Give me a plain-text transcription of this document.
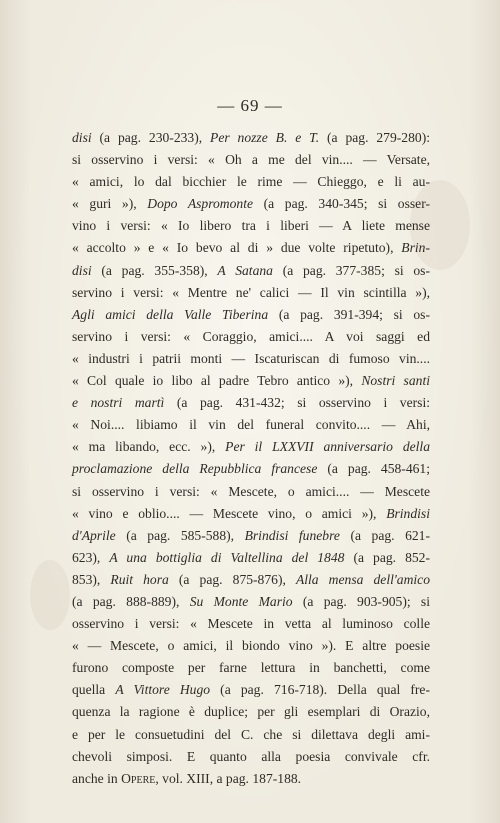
— 69 —
disi (a pag. 230-233), Per nozze B. e T. (a pag. 279-280):
si osservino i versi: « Oh a me del vin.... — Versate,
« amici, lo dal bicchier le rime — Chieggo, e li au-
« guri »), Dopo Aspromonte (a pag. 340-345; si osser-
vino i versi: « Io libero tra i liberi — A liete mense
« accolto » e « Io bevo al di » due volte ripetuto), Brin-
disi (a pag. 355-358), A Satana (a pag. 377-385; si os-
servino i versi: « Mentre ne' calici — Il vin scintilla »),
Agli amici della Valle Tiberina (a pag. 391-394; si os-
servino i versi: « Coraggio, amici.... A voi saggi ed
« industri i patrii monti — Iscaturiscan di fumoso vin....
« Col quale io libo al padre Tebro antico »), Nostri santi
e nostri martì (a pag. 431-432; si osservino i versi:
« Noi.... libiamo il vin del funeral convito.... — Ahi,
« ma libando, ecc. »), Per il LXXVII anniversario della
proclamazione della Repubblica francese (a pag. 458-461;
si osservino i versi: « Mescete, o amici.... — Mescete
« vino e oblio.... — Mescete vino, o amici »), Brindisi
d'Aprile (a pag. 585-588), Brindisi funebre (a pag. 621-
623), A una bottiglia di Valtellina del 1848 (a pag. 852-
853), Ruit hora (a pag. 875-876), Alla mensa dell'amico
(a pag. 888-889), Su Monte Mario (a pag. 903-905); si
osservino i versi: « Mescete in vetta al luminoso colle
« — Mescete, o amici, il biondo vino »). E altre poesie
furono composte per farne lettura in banchetti, come
quella A Vittore Hugo (a pag. 716-718). Della qual fre-
quenza la ragione è duplice; per gli esemplari di Orazio,
e per le consuetudini del C. che si dilettava degli ami-
chevoli simposi. E quanto alla poesia convivale cfr.
anche in Opere, vol. XIII, a pag. 187-188.
